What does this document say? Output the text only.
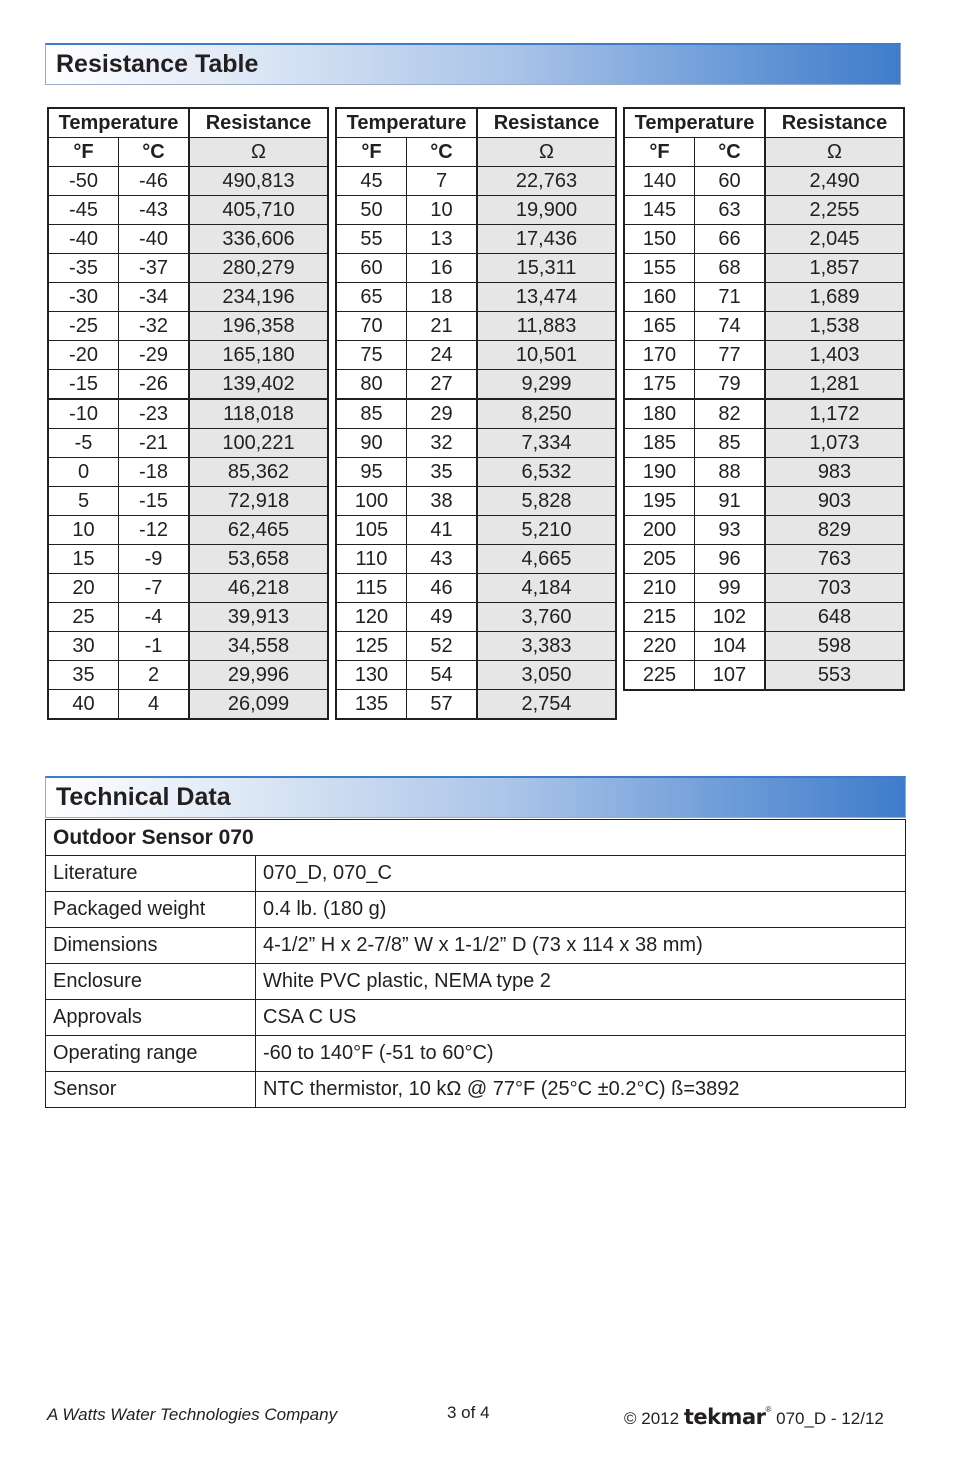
Resistance Table
Temperature		Resistance
°F	°C	Ω
-50	-46	490,813
-45	-43	405,710
-40	-40	336,606
-35	-37	280,279
-30	-34	234,196
-25	-32	196,358
-20	-29	165,180
-15	-26	139,402
-10	-23	118,018
-5	-21	100,221
0	-18	85,362
5	-15	72,918
10	-12	62,465
15	-9	53,658
20	-7	46,218
25	-4	39,913
30	-1	34,558
35	2	29,996
40	4	26,099
Temperature		Resistance
°F	°C	Ω
45	7	22,763
50	10	19,900
55	13	17,436
60	16	15,311
65	18	13,474
70	21	11,883
75	24	10,501
80	27	9,299
85	29	8,250
90	32	7,334
95	35	6,532
100	38	5,828
105	41	5,210
110	43	4,665
115	46	4,184
120	49	3,760
125	52	3,383
130	54	3,050
135	57	2,754
Temperature		Resistance
°F	°C	Ω
140	60	2,490
145	63	2,255
150	66	2,045
155	68	1,857
160	71	1,689
165	74	1,538
170	77	1,403
175	79	1,281
180	82	1,172
185	85	1,073
190	88	983
195	91	903
200	93	829
205	96	763
210	99	703
215	102	648
220	104	598
225	107	553
Technical Data
Outdoor Sensor 070	
Literature	070_D, 070_C
Packaged weight	0.4 lb. (180 g)
Dimensions	4-1/2” H x 2-7/8” W x 1-1/2” D (73 x 114 x 38 mm)
Enclosure	White PVC plastic, NEMA type 2
Approvals	CSA C US
Operating range	-60 to 140°F (-51 to 60°C)
Sensor	NTC thermistor, 10 kΩ @ 77°F (25°C ±0.2°C) ß=3892
A Watts Water Technologies Company	3 of 4	© 2012 tekmar® 070_D - 12/12
